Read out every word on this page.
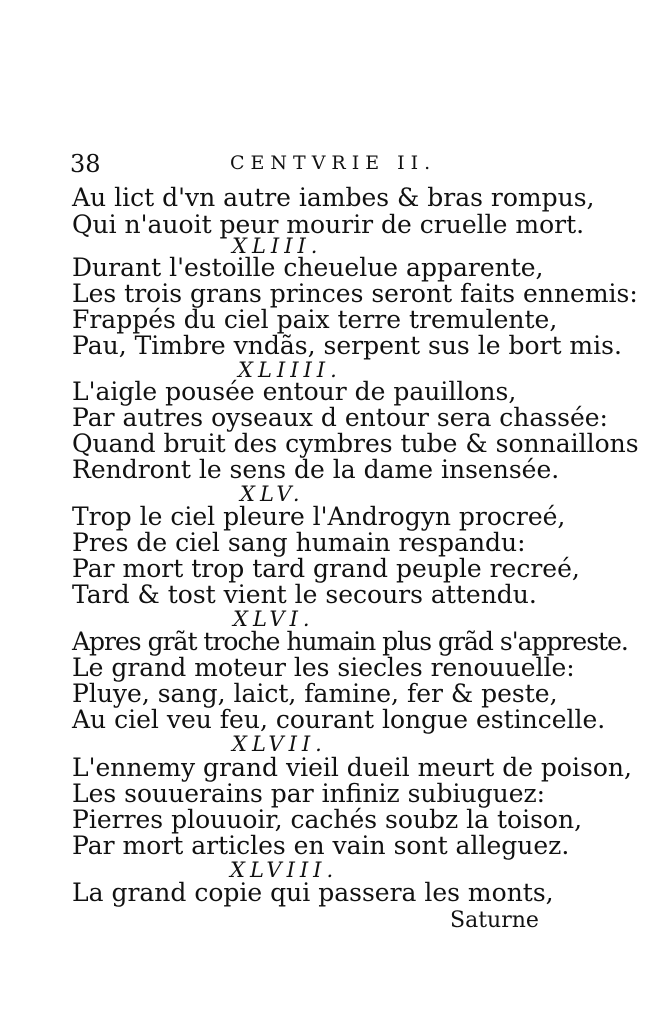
38	CENTVRIE II.
Au lict d'vn autre iambes & bras rompus,
Qui n'auoit peur mourir de cruelle mort.
XLIII.
Durant l'estoille cheuelue apparente,
Les trois grans princes seront faits ennemis:
Frappés du ciel paix terre tremulente,
Pau, Timbre vndãs, serpent sus le bort mis.
XLIIII.
L'aigle pousée entour de pauillons,
Par autres oyseaux d entour sera chassée:
Quand bruit des cymbres tube & sonnaillons
Rendront le sens de la dame insensée.
XLV.
Trop le ciel pleure l'Androgyn procreé,
Pres de ciel sang humain respandu:
Par mort trop tard grand peuple recreé,
Tard & tost vient le secours attendu.
XLVI.
Apres grãt troche humain plus grãd s'appreste.
Le grand moteur les siecles renouuelle:
Pluye, sang, laict, famine, fer & peste,
Au ciel veu feu, courant longue estincelle.
XLVII.
L'ennemy grand vieil dueil meurt de poison,
Les souuerains par infiniz subiuguez:
Pierres plouuoir, cachés soubz la toison,
Par mort articles en vain sont alleguez.
XLVIII.
La grand copie qui passera les monts,
Saturne
